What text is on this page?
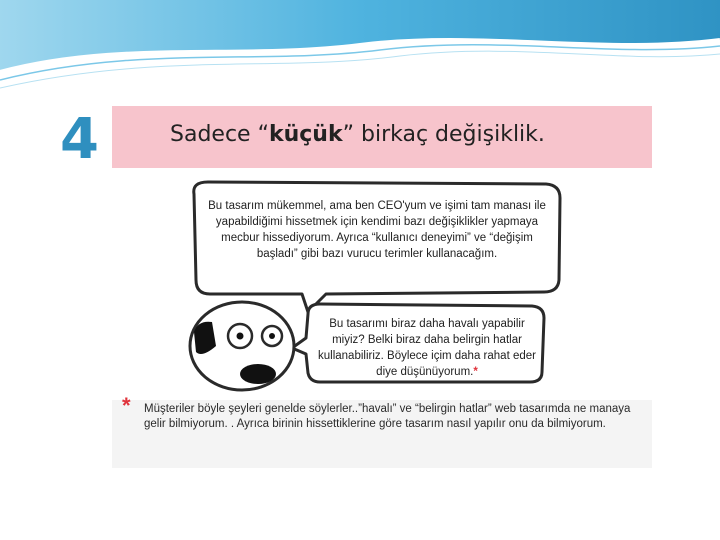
4	Sadece “küçük” birkaç değişiklik.
Bu tasarım mükemmel, ama ben CEO'yum ve işimi tam manası ile yapabildiğimi hissetmek için kendimi bazı değişiklikler yapmaya mecbur hissediyorum. Ayrıca “kullanıcı deneyimi” ve “değişim başladı” gibi bazı vurucu terimler kullanacağım.
Bu tasarımı biraz daha havalı yapabilir miyiz? Belki biraz daha belirgin hatlar kullanabiliriz. Böylece içim daha rahat eder diye düşünüyorum.*
* Müşteriler böyle şeyleri genelde söylerler..”havalı” ve “belirgin hatlar” web tasarımda ne manaya gelir bilmiyorum. . Ayrıca birinin hissettiklerine göre tasarım nasıl yapılır onu da bilmiyorum.
